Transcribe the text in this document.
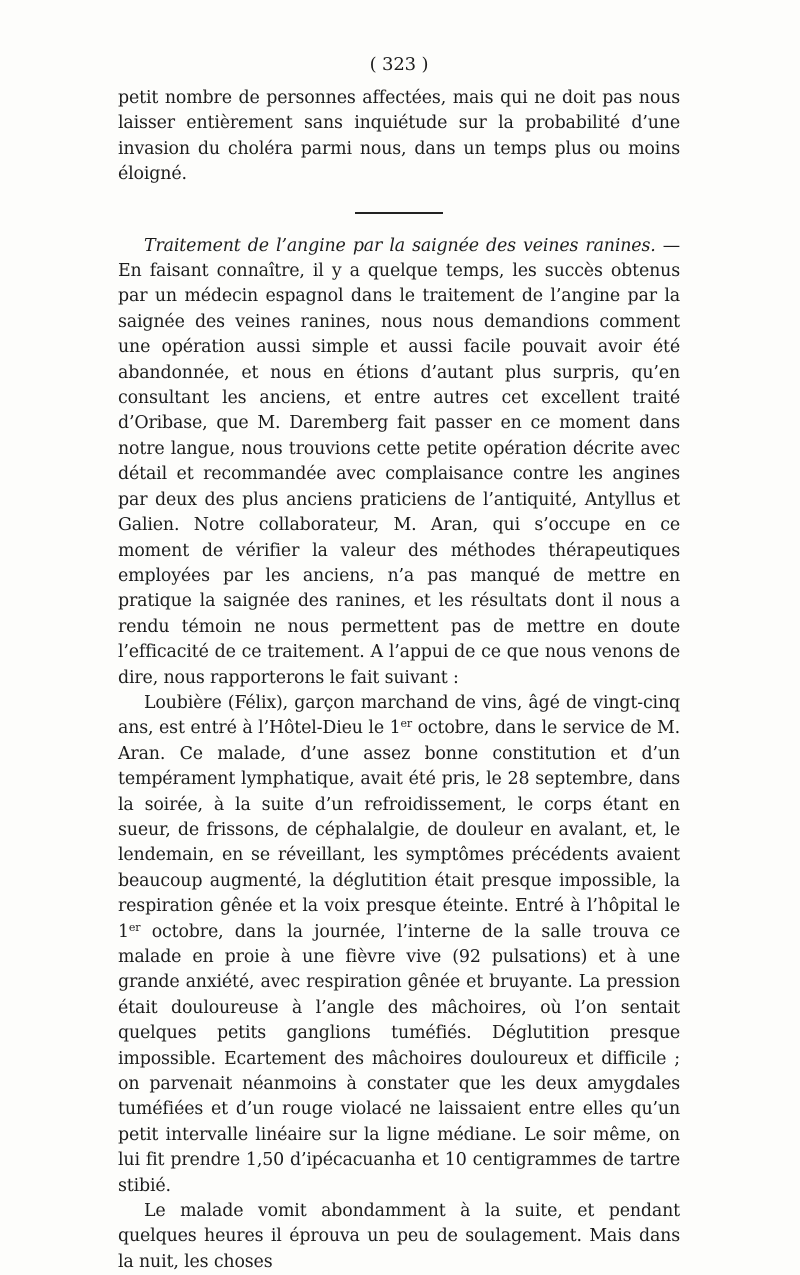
( 323 )

petit nombre de personnes affectées, mais qui ne doit pas nous laisser entièrement sans inquiétude sur la probabilité d’une invasion du choléra parmi nous, dans un temps plus ou moins éloigné.

Traitement de l’angine par la saignée des veines ranines. —En faisant connaître, il y a quelque temps, les succès obtenus par un médecin espagnol dans le traitement de l’angine par la saignée des veines ranines, nous nous demandions comment une opération aussi simple et aussi facile pouvait avoir été abandonnée, et nous en étions d’autant plus surpris, qu’en consultant les anciens, et entre autres cet excellent traité d’Oribase, que M. Daremberg fait passer en ce moment dans notre langue, nous trouvions cette petite opération décrite avec détail et recommandée avec complaisance contre les angines par deux des plus anciens praticiens de l’antiquité, Antyllus et Galien. Notre collaborateur, M. Aran, qui s’occupe en ce moment de vérifier la valeur des méthodes thérapeutiques employées par les anciens, n’a pas manqué de mettre en pratique la saignée des ranines, et les résultats dont il nous a rendu témoin ne nous permettent pas de mettre en doute l’efficacité de ce traitement. A l’appui de ce que nous venons de dire, nous rapporterons le fait suivant :

Loubière (Félix), garçon marchand de vins, âgé de vingt-cinq ans, est entré à l’Hôtel-Dieu le 1er octobre, dans le service de M. Aran. Ce malade, d’une assez bonne constitution et d’un tempérament lymphatique, avait été pris, le 28 septembre, dans la soirée, à la suite d’un refroidissement, le corps étant en sueur, de frissons, de céphalalgie, de douleur en avalant, et, le lendemain, en se réveillant, les symptômes précédents avaient beaucoup augmenté, la déglutition était presque impossible, la respiration gênée et la voix presque éteinte. Entré à l’hôpital le 1er octobre, dans la journée, l’interne de la salle trouva ce malade en proie à une fièvre vive (92 pulsations) et à une grande anxiété, avec respiration gênée et bruyante. La pression était douloureuse à l’angle des mâchoires, où l’on sentait quelques petits ganglions tuméfiés. Déglutition presque impossible. Ecartement des mâchoires douloureux et difficile ; on parvenait néanmoins à constater que les deux amygdales tuméfiées et d’un rouge violacé ne laissaient entre elles qu’un petit intervalle linéaire sur la ligne médiane. Le soir même, on lui fit prendre 1,50 d’ipécacuanha et 10 centigrammes de tartre stibié.

Le malade vomit abondamment à la suite, et pendant quelques heures il éprouva un peu de soulagement. Mais dans la nuit, les choses
